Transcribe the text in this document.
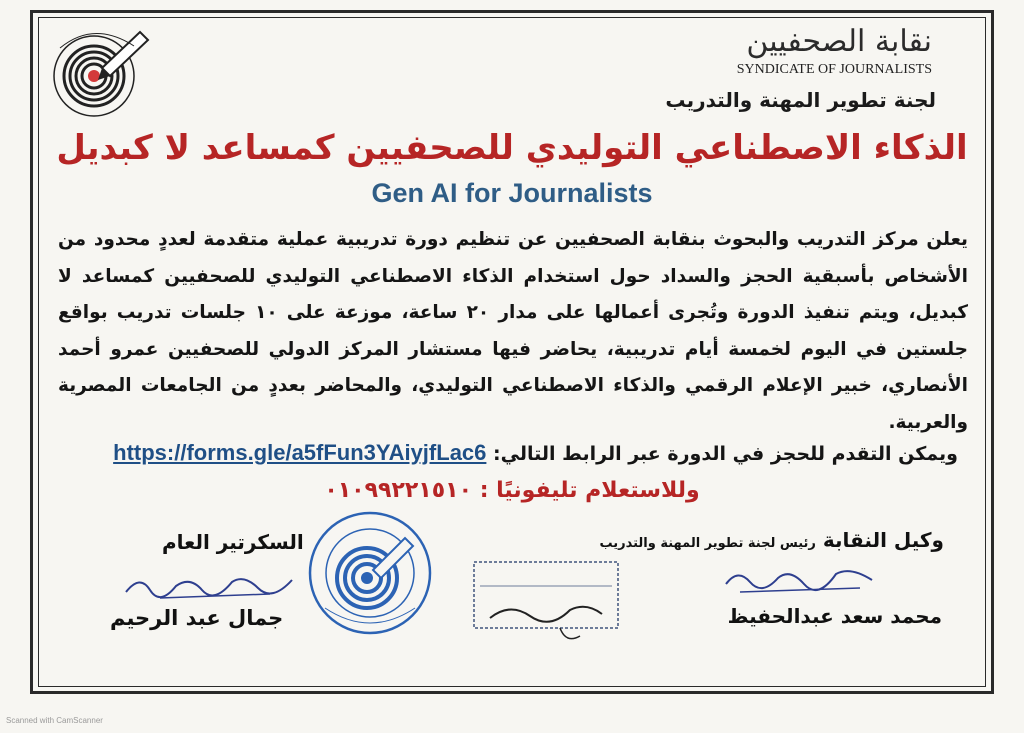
نقابة الصحفيين
SYNDICATE OF JOURNALISTS
لجنة تطوير المهنة والتدريب
الذكاء الاصطناعي التوليدي للصحفيين كمساعد لا كبديل
Gen AI for Journalists
يعلن مركز التدريب والبحوث بنقابة الصحفيين عن تنظيم دورة تدريبية عملية متقدمة لعددٍ محدود من الأشخاص بأسبقية الحجز والسداد حول استخدام الذكاء الاصطناعي التوليدي للصحفيين كمساعد لا كبديل، ويتم تنفيذ الدورة وتُجرى أعمالها على مدار ٢٠ ساعة، موزعة على ١٠ جلسات تدريب بواقع جلستين في اليوم لخمسة أيام تدريبية، يحاضر فيها مستشار المركز الدولي للصحفيين عمرو أحمد الأنصاري، خبير الإعلام الرقمي والذكاء الاصطناعي التوليدي، والمحاضر بعددٍ من الجامعات المصرية والعربية.
ويمكن التقدم للحجز في الدورة عبر الرابط التالي: https://forms.gle/a5fFun3YAiyjfLac6
وللاستعلام تليفونيًا : ٠١٠٩٩٢٢١٥١٠
وكيل النقابة رئيس لجنة تطوير المهنة والتدريب
السكرتير العام
محمد سعد عبدالحفيظ
جمال عبد الرحيم
Scanned with CamScanner
